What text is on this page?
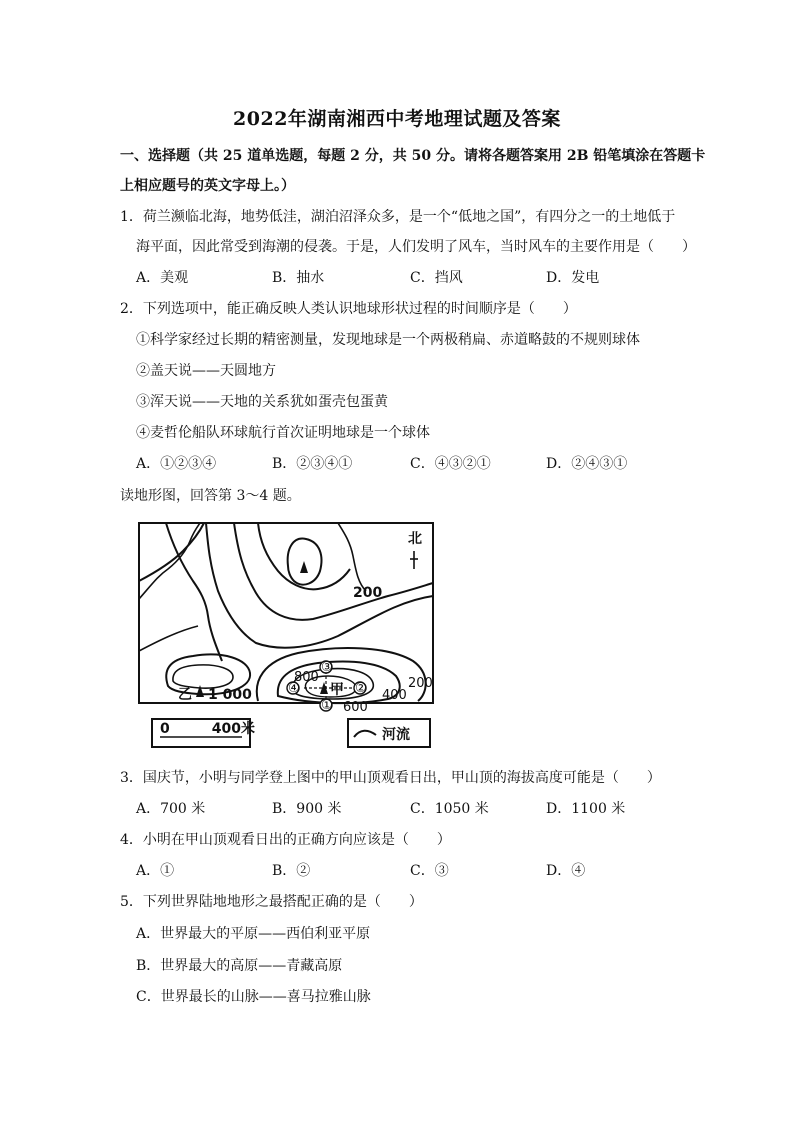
2022年湖南湘西中考地理试题及答案
一、选择题（共 25 道单选题，每题 2 分，共 50 分。请将各题答案用 2B 铅笔填涂在答题卡
上相应题号的英文字母上。）
1．荷兰濒临北海，地势低洼，湖泊沼泽众多，是一个“低地之国”，有四分之一的土地低于
海平面，因此常受到海潮的侵袭。于是，人们发明了风车，当时风车的主要作用是（　　）
A．美观	B．抽水	C．挡风	D．发电
2．下列选项中，能正确反映人类认识地球形状过程的时间顺序是（　　）
①科学家经过长期的精密测量，发现地球是一个两极稍扁、赤道略鼓的不规则球体
②盖天说——天圆地方
③浑天说——天地的关系犹如蛋壳包蛋黄
④麦哲伦船队环球航行首次证明地球是一个球体
A．①②③④	B．②③④①	C．④③②①	D．②④③①
读地形图，回答第 3～4 题。
北
200
800
600
400
200
乙 1 000	甲
①
②
③
④
0　　　400米	河流
3．国庆节，小明与同学登上图中的甲山顶观看日出，甲山顶的海拔高度可能是（　　）
A．700 米	B．900 米	C．1050 米	D．1100 米
4．小明在甲山顶观看日出的正确方向应该是（　　）
A．①	B．②	C．③	D．④
5．下列世界陆地地形之最搭配正确的是（　　）
A．世界最大的平原——西伯利亚平原
B．世界最大的高原——青藏高原
C．世界最长的山脉——喜马拉雅山脉
